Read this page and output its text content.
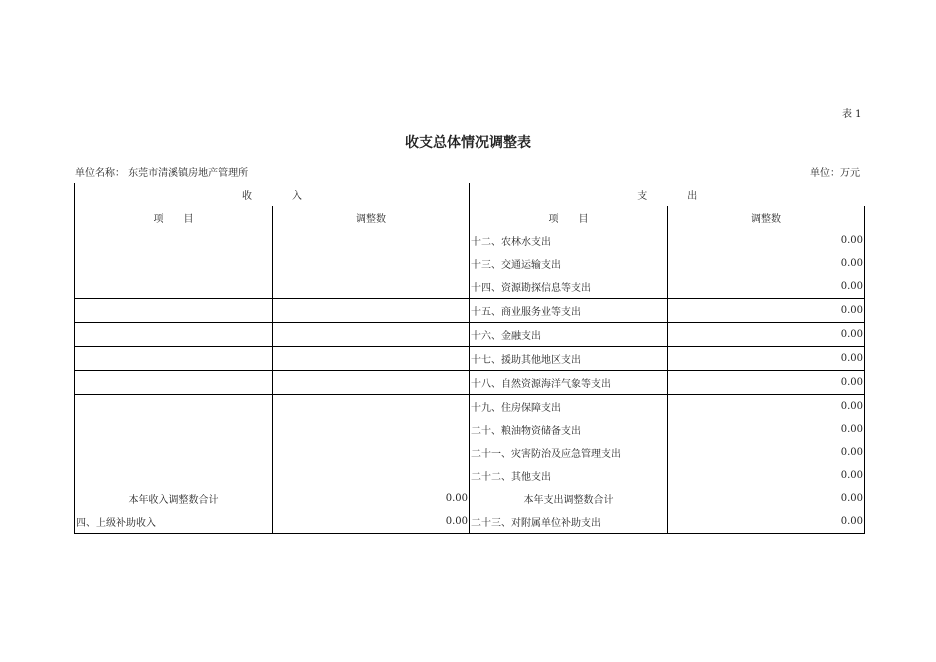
表 1
收支总体情况调整表
单位名称： 东莞市清溪镇房地产管理所	单位：万元
收　　　　入		支　　　　出	
项　　目	调整数	项　　目	调整数
		十二、农林水支出	0.00
		十三、交通运输支出	0.00
		十四、资源勘探信息等支出	0.00
		十五、商业服务业等支出	0.00
		十六、金融支出	0.00
		十七、援助其他地区支出	0.00
		十八、自然资源海洋气象等支出	0.00
		十九、住房保障支出	0.00
		二十、粮油物资储备支出	0.00
		二十一、灾害防治及应急管理支出	0.00
		二十二、其他支出	0.00
本年收入调整数合计	0.00	本年支出调整数合计	0.00
四、上级补助收入	0.00	二十三、对附属单位补助支出	0.00
